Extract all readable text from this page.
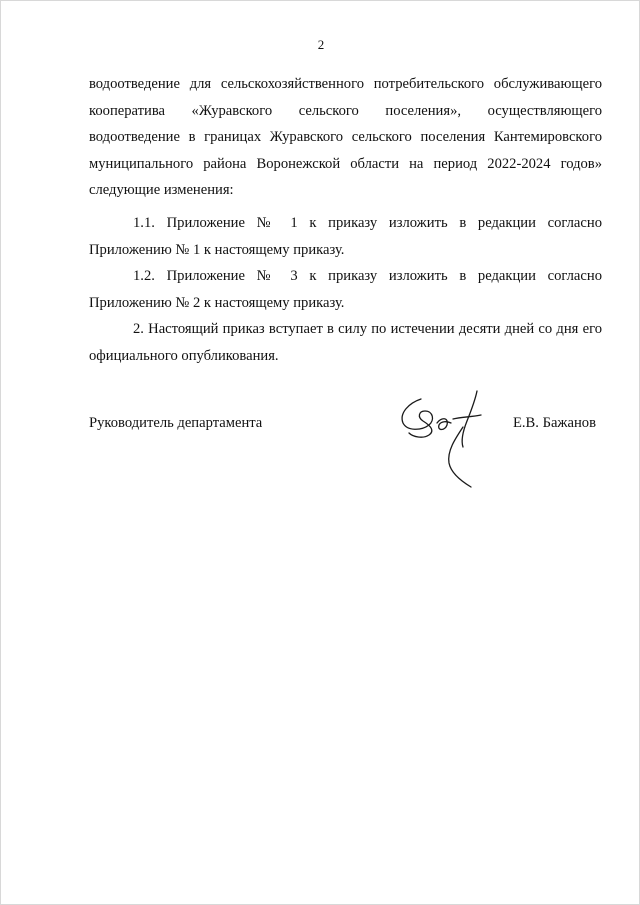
2
водоотведение для сельскохозяйственного потребительского обслуживающего
кооператива «Журавского сельского поселения», осуществляющего
водоотведение в границах Журавского сельского поселения Кантемировского
муниципального района Воронежской области на период 2022-2024 годов»
следующие изменения:
1.1. Приложение № 1 к приказу изложить в редакции согласно
Приложению № 1 к настоящему приказу.
1.2. Приложение № 3 к приказу изложить в редакции согласно
Приложению № 2 к настоящему приказу.
2. Настоящий приказ вступает в силу по истечении десяти дней со дня его
официального опубликования.
Руководитель департамента	Е.В. Бажанов
